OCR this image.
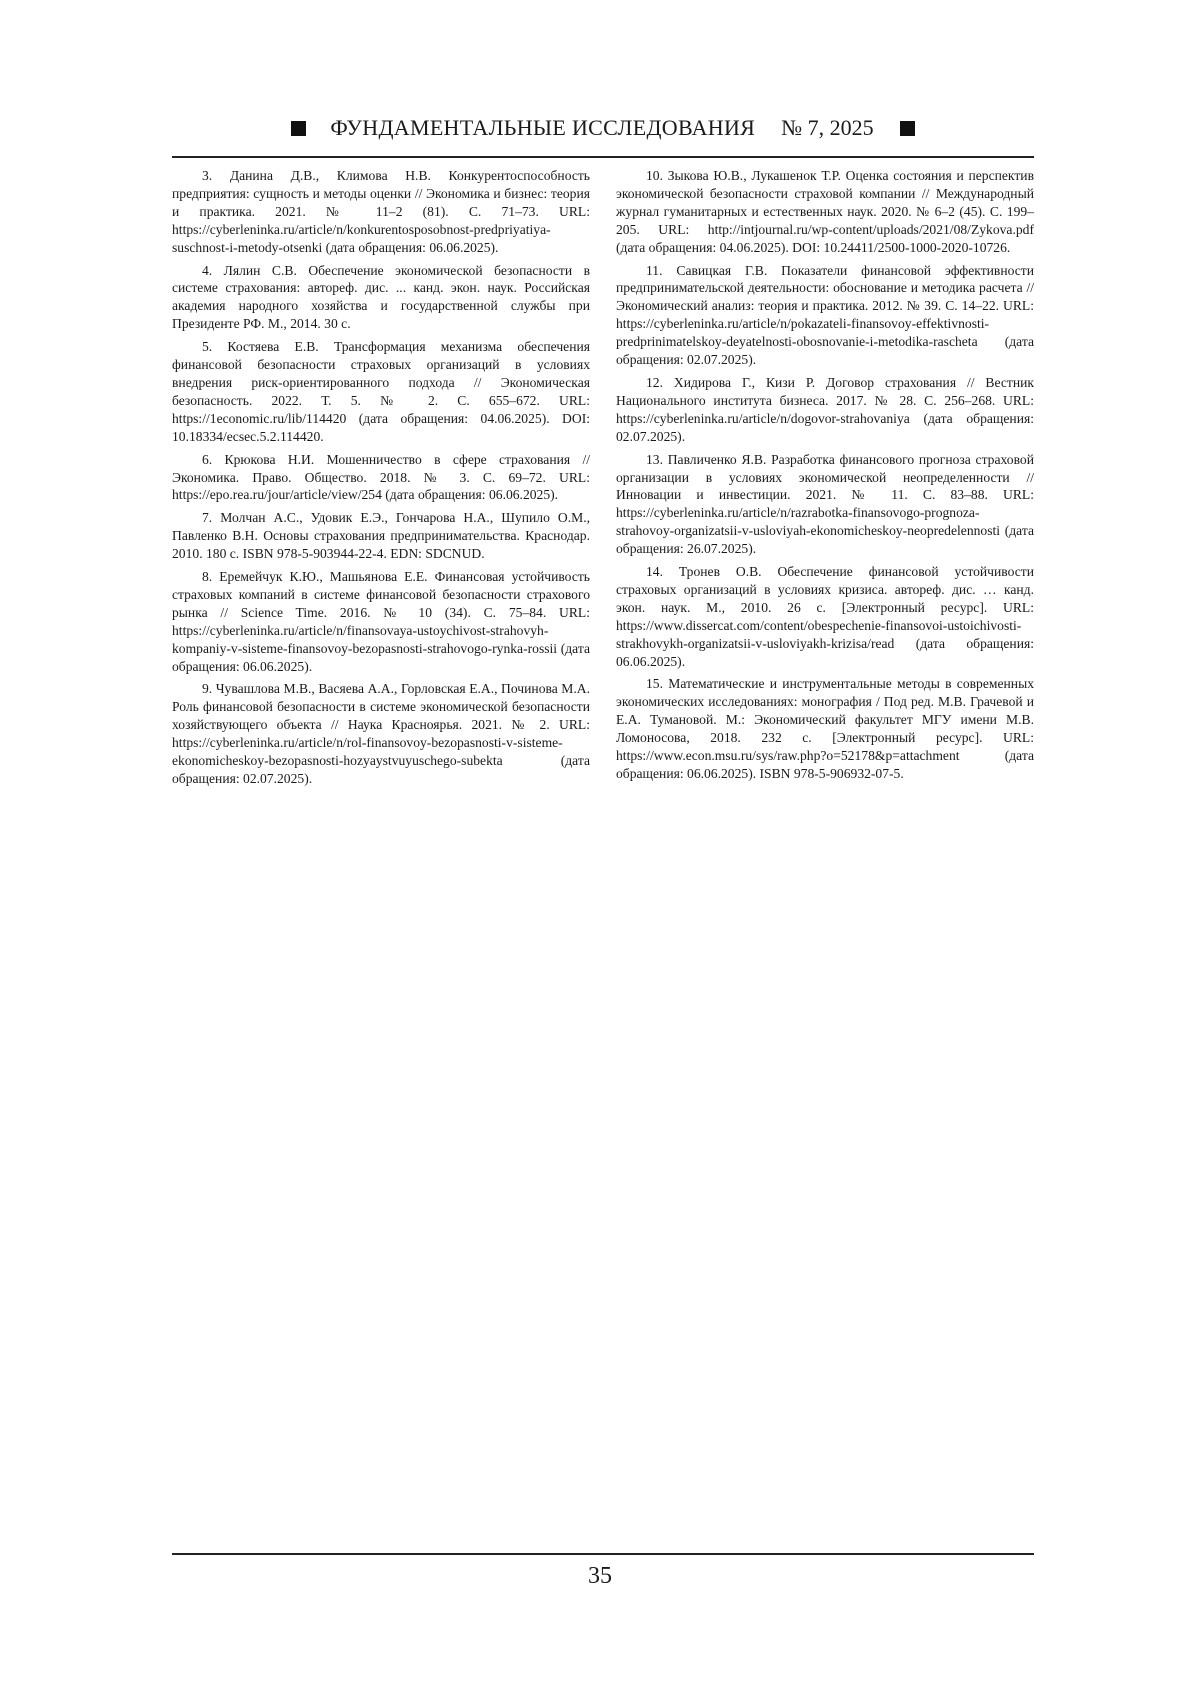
ФУНДАМЕНТАЛЬНЫЕ ИССЛЕДОВАНИЯ № 7, 2025

3. Данина Д.В., Климова Н.В. Конкурентоспособность предприятия: сущность и методы оценки // Экономика и бизнес: теория и практика. 2021. № 11–2 (81). С. 71–73. URL: https://cyberleninka.ru/article/n/konkurentosposobnost-predpriyatiya-suschnost-i-metody-otsenki (дата обращения: 06.06.2025).

4. Лялин С.В. Обеспечение экономической безопасности в системе страхования: автореф. дис. ... канд. экон. наук. Российская академия народного хозяйства и государственной службы при Президенте РФ. М., 2014. 30 с.

5. Костяева Е.В. Трансформация механизма обеспечения финансовой безопасности страховых организаций в условиях внедрения риск-ориентированного подхода // Экономическая безопасность. 2022. Т. 5. № 2. С. 655–672. URL: https://1economic.ru/lib/114420 (дата обращения: 04.06.2025). DOI: 10.18334/ecsec.5.2.114420.

6. Крюкова Н.И. Мошенничество в сфере страхования // Экономика. Право. Общество. 2018. № 3. С. 69–72. URL: https://epo.rea.ru/jour/article/view/254 (дата обращения: 06.06.2025).

7. Молчан А.С., Удовик Е.Э., Гончарова Н.А., Шупило О.М., Павленко В.Н. Основы страхования предпринимательства. Краснодар. 2010. 180 с. ISBN 978-5-903944-22-4. EDN: SDCNUD.

8. Еремейчук К.Ю., Машьянова Е.Е. Финансовая устойчивость страховых компаний в системе финансовой безопасности страхового рынка // Science Time. 2016. № 10 (34). С. 75–84. URL: https://cyberleninka.ru/article/n/finansovaya-ustoychivost-strahovyh-kompaniy-v-sisteme-finansovoy-bezopasnosti-strahovogo-rynka-rossii (дата обращения: 06.06.2025).

9. Чувашлова М.В., Васяева А.А., Горловская Е.А., Починова М.А. Роль финансовой безопасности в системе экономической безопасности хозяйствующего объекта // Наука Красноярья. 2021. № 2. URL: https://cyberleninka.ru/article/n/rol-finansovoy-bezopasnosti-v-sisteme-ekonomicheskoy-bezopasnosti-hozyaystvuyuschego-subekta (дата обращения: 02.07.2025).

10. Зыкова Ю.В., Лукашенок Т.Р. Оценка состояния и перспектив экономической безопасности страховой компании // Международный журнал гуманитарных и естественных наук. 2020. № 6–2 (45). С. 199–205. URL: http://intjournal.ru/wp-content/uploads/2021/08/Zykova.pdf (дата обращения: 04.06.2025). DOI: 10.24411/2500-1000-2020-10726.

11. Савицкая Г.В. Показатели финансовой эффективности предпринимательской деятельности: обоснование и методика расчета // Экономический анализ: теория и практика. 2012. № 39. С. 14–22. URL: https://cyberleninka.ru/article/n/pokazateli-finansovoy-effektivnosti-predprinimatelskoy-deyatelnosti-obosnovanie-i-metodika-rascheta (дата обращения: 02.07.2025).

12. Хидирова Г., Кизи Р. Договор страхования // Вестник Национального института бизнеса. 2017. № 28. С. 256–268. URL: https://cyberleninka.ru/article/n/dogovor-strahovaniya (дата обращения: 02.07.2025).

13. Павличенко Я.В. Разработка финансового прогноза страховой организации в условиях экономической неопределенности // Инновации и инвестиции. 2021. № 11. С. 83–88. URL: https://cyberleninka.ru/article/n/razrabotka-finansovogo-prognoza-strahovoy-organizatsii-v-usloviyah-ekonomicheskoy-neopredelennosti (дата обращения: 26.07.2025).

14. Тронев О.В. Обеспечение финансовой устойчивости страховых организаций в условиях кризиса. автореф. дис. … канд. экон. наук. М., 2010. 26 с. [Электронный ресурс]. URL: https://www.dissercat.com/content/obespechenie-finansovoi-ustoichivosti-strakhovykh-organizatsii-v-usloviyakh-krizisa/read (дата обращения: 06.06.2025).

15. Математические и инструментальные методы в современных экономических исследованиях: монография / Под ред. М.В. Грачевой и Е.А. Тумановой. М.: Экономический факультет МГУ имени М.В. Ломоносова, 2018. 232 с. [Электронный ресурс]. URL: https://www.econ.msu.ru/sys/raw.php?o=52178&p=attachment (дата обращения: 06.06.2025). ISBN 978-5-906932-07-5.

35
